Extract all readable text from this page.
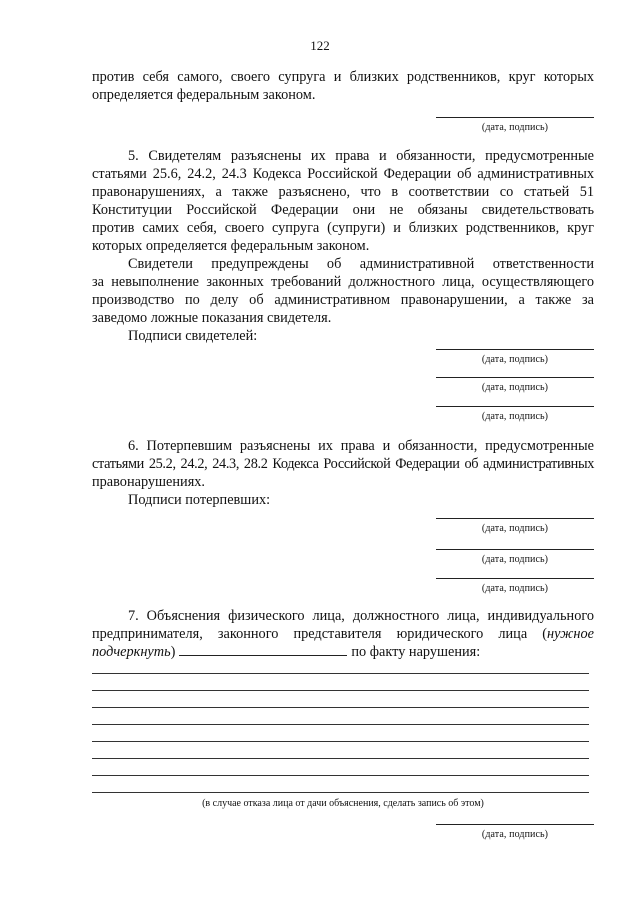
122
против себя самого, своего супруга и близких родственников, круг которых
определяется федеральным законом.
(дата, подпись)
5. Свидетелям разъяснены их права и обязанности, предусмотренные
статьями 25.6, 24.2, 24.3 Кодекса Российской Федерации об административных
правонарушениях, а также разъяснено, что в соответствии со статьей 51
Конституции Российской Федерации они не обязаны свидетельствовать
против самих себя, своего супруга (супруги) и близких родственников, круг
которых определяется федеральным законом.
Свидетели предупреждены об административной ответственности
за невыполнение законных требований должностного лица, осуществляющего
производство по делу об административном правонарушении, а также за
заведомо ложные показания свидетеля.
Подписи свидетелей:
(дата, подпись)
(дата, подпись)
(дата, подпись)
6. Потерпевшим разъяснены их права и обязанности, предусмотренные
статьями 25.2, 24.2, 24.3, 28.2 Кодекса Российской Федерации об административных
правонарушениях.
Подписи потерпевших:
(дата, подпись)
(дата, подпись)
(дата, подпись)
7. Объяснения физического лица, должностного лица, индивидуального
предпринимателя, законного представителя юридического лица (нужное
подчеркнуть)	по факту нарушения:
(в случае отказа лица от дачи объяснения, сделать запись об этом)
(дата, подпись)
